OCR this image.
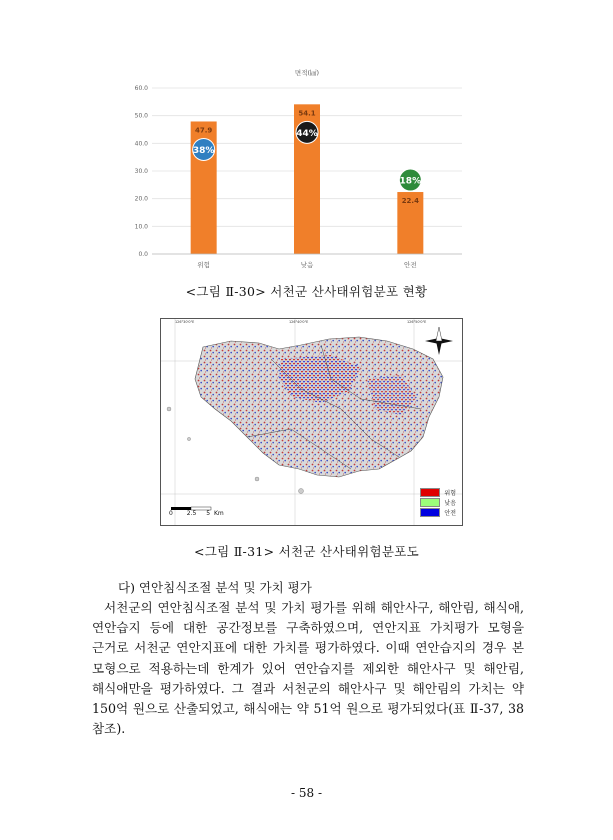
면적(㎢)
0.0
10.0
20.0
30.0
40.0
50.0
60.0
47.9
위험
38%
54.1
낮음
44%
22.4
안전
18%
<그림 Ⅱ-30> 서천군 산사태위험분포 현황
126°30'0"E	126°40'0"E	126°50'0"E
0 2.5 5 Km
위험
낮음
안전
<그림 Ⅱ-31> 서천군 산사태위험분포도
다) 연안침식조절 분석 및 가치 평가
서천군의 연안침식조절 분석 및 가치 평가를 위해 해안사구, 해안림, 해식애, 연안습지 등에 대한 공간정보를 구축하였으며, 연안지표 가치평가 모형을 근거로 서천군 연안지표에 대한 가치를 평가하였다. 이때 연안습지의 경우 본 모형으로 적용하는데 한계가 있어 연안습지를 제외한 해안사구 및 해안림, 해식애만을 평가하였다. 그 결과 서천군의 해안사구 및 해안림의 가치는 약 150억 원으로 산출되었고, 해식애는 약 51억 원으로 평가되었다(표 Ⅱ-37, 38 참조).
- 58 -
